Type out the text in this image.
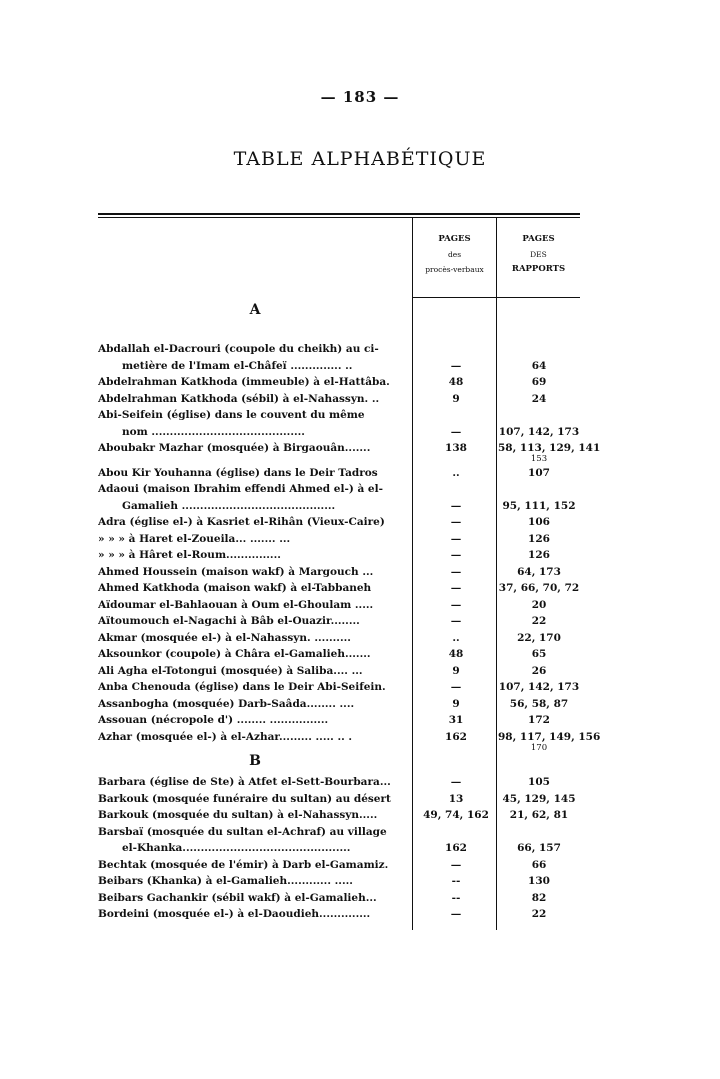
— 183 —
TABLE ALPHABÉTIQUE
PAGES
des
procès-verbaux
PAGES
DES
RAPPORTS
A
Abdallah el-Dacrouri (coupole du cheikh) au ci-
metière de l'Imam el-Châfeï .............. ..	—	64
Abdelrahman Katkhoda (immeuble) à el-Hattâba.	48	69
Abdelrahman Katkhoda (sébil) à el-Nahassyn. ..	9	24
Abi-Seifein (église) dans le couvent du même
nom ..........................................	—	107, 142, 173
Aboubakr Mazhar (mosquée) à Birgaouân.......	138	58, 113, 129, 141
153
Abou Kir Youhanna (église) dans le Deir Tadros	..	107
Adaoui (maison Ibrahim effendi Ahmed el-) à el-
Gamalieh ..........................................	—	95, 111, 152
Adra (église el-) à Kasriet el-Rihân (Vieux-Caire)	—	106
» » » à Haret el-Zoueila... ....... ...	—	126
» » » à Hâret el-Roum...............	—	126
Ahmed Houssein (maison wakf) à Margouch ...	—	64, 173
Ahmed Katkhoda (maison wakf) à el-Tabbaneh	—	37, 66, 70, 72
Aïdoumar el-Bahlaouan à Oum el-Ghoulam .....	—	20
Aïtoumouch el-Nagachi à Bâb el-Ouazir........	—	22
Akmar (mosquée el-) à el-Nahassyn. ..........	..	22, 170
Aksounkor (coupole) à Châra el-Gamalieh.......	48	65
Ali Agha el-Totongui (mosquée) à Saliba.... ...	9	26
Anba Chenouda (église) dans le Deir Abi-Seifein.	—	107, 142, 173
Assanbogha (mosquée) Darb-Saâda........ ....	9	56, 58, 87
Assouan (nécropole d') ........ ................	31	172
Azhar (mosquée el-) à el-Azhar......... ..... .. .	162	98, 117, 149, 156
170
B
Barbara (église de Ste) à Atfet el-Sett-Bourbara...	—	105
Barkouk (mosquée funéraire du sultan) au désert	13	45, 129, 145
Barkouk (mosquée du sultan) à el-Nahassyn.....	49, 74, 162	21, 62, 81
Barsbaï (mosquée du sultan el-Achraf) au village
el-Khanka..............................................	162	66, 157
Bechtak (mosquée de l'émir) à Darb el-Gamamiz.	—	66
Beibars (Khanka) à el-Gamalieh............ .....	--	130
Beibars Gachankir (sébil wakf) à el-Gamalieh...	--	82
Bordeini (mosquée el-) à el-Daoudieh..............	—	22
